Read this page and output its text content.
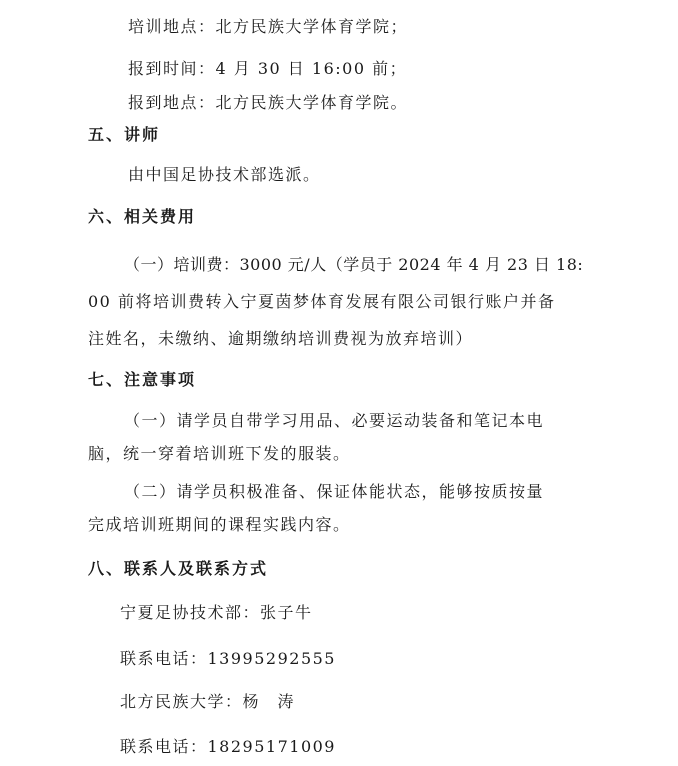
培训地点：北方民族大学体育学院；
报到时间：4 月 30 日 16:00 前；
报到地点：北方民族大学体育学院。
五、讲师
由中国足协技术部选派。
六、相关费用
（一）培训费：3000 元/人（学员于 2024 年 4 月 23 日 18:
00 前将培训费转入宁夏茵梦体育发展有限公司银行账户并备
注姓名，未缴纳、逾期缴纳培训费视为放弃培训）
七、注意事项
（一）请学员自带学习用品、必要运动装备和笔记本电
脑，统一穿着培训班下发的服装。
（二）请学员积极准备、保证体能状态，能够按质按量
完成培训班期间的课程实践内容。
八、联系人及联系方式
宁夏足协技术部：张子牛
联系电话：13995292555
北方民族大学：杨　涛
联系电话：18295171009
